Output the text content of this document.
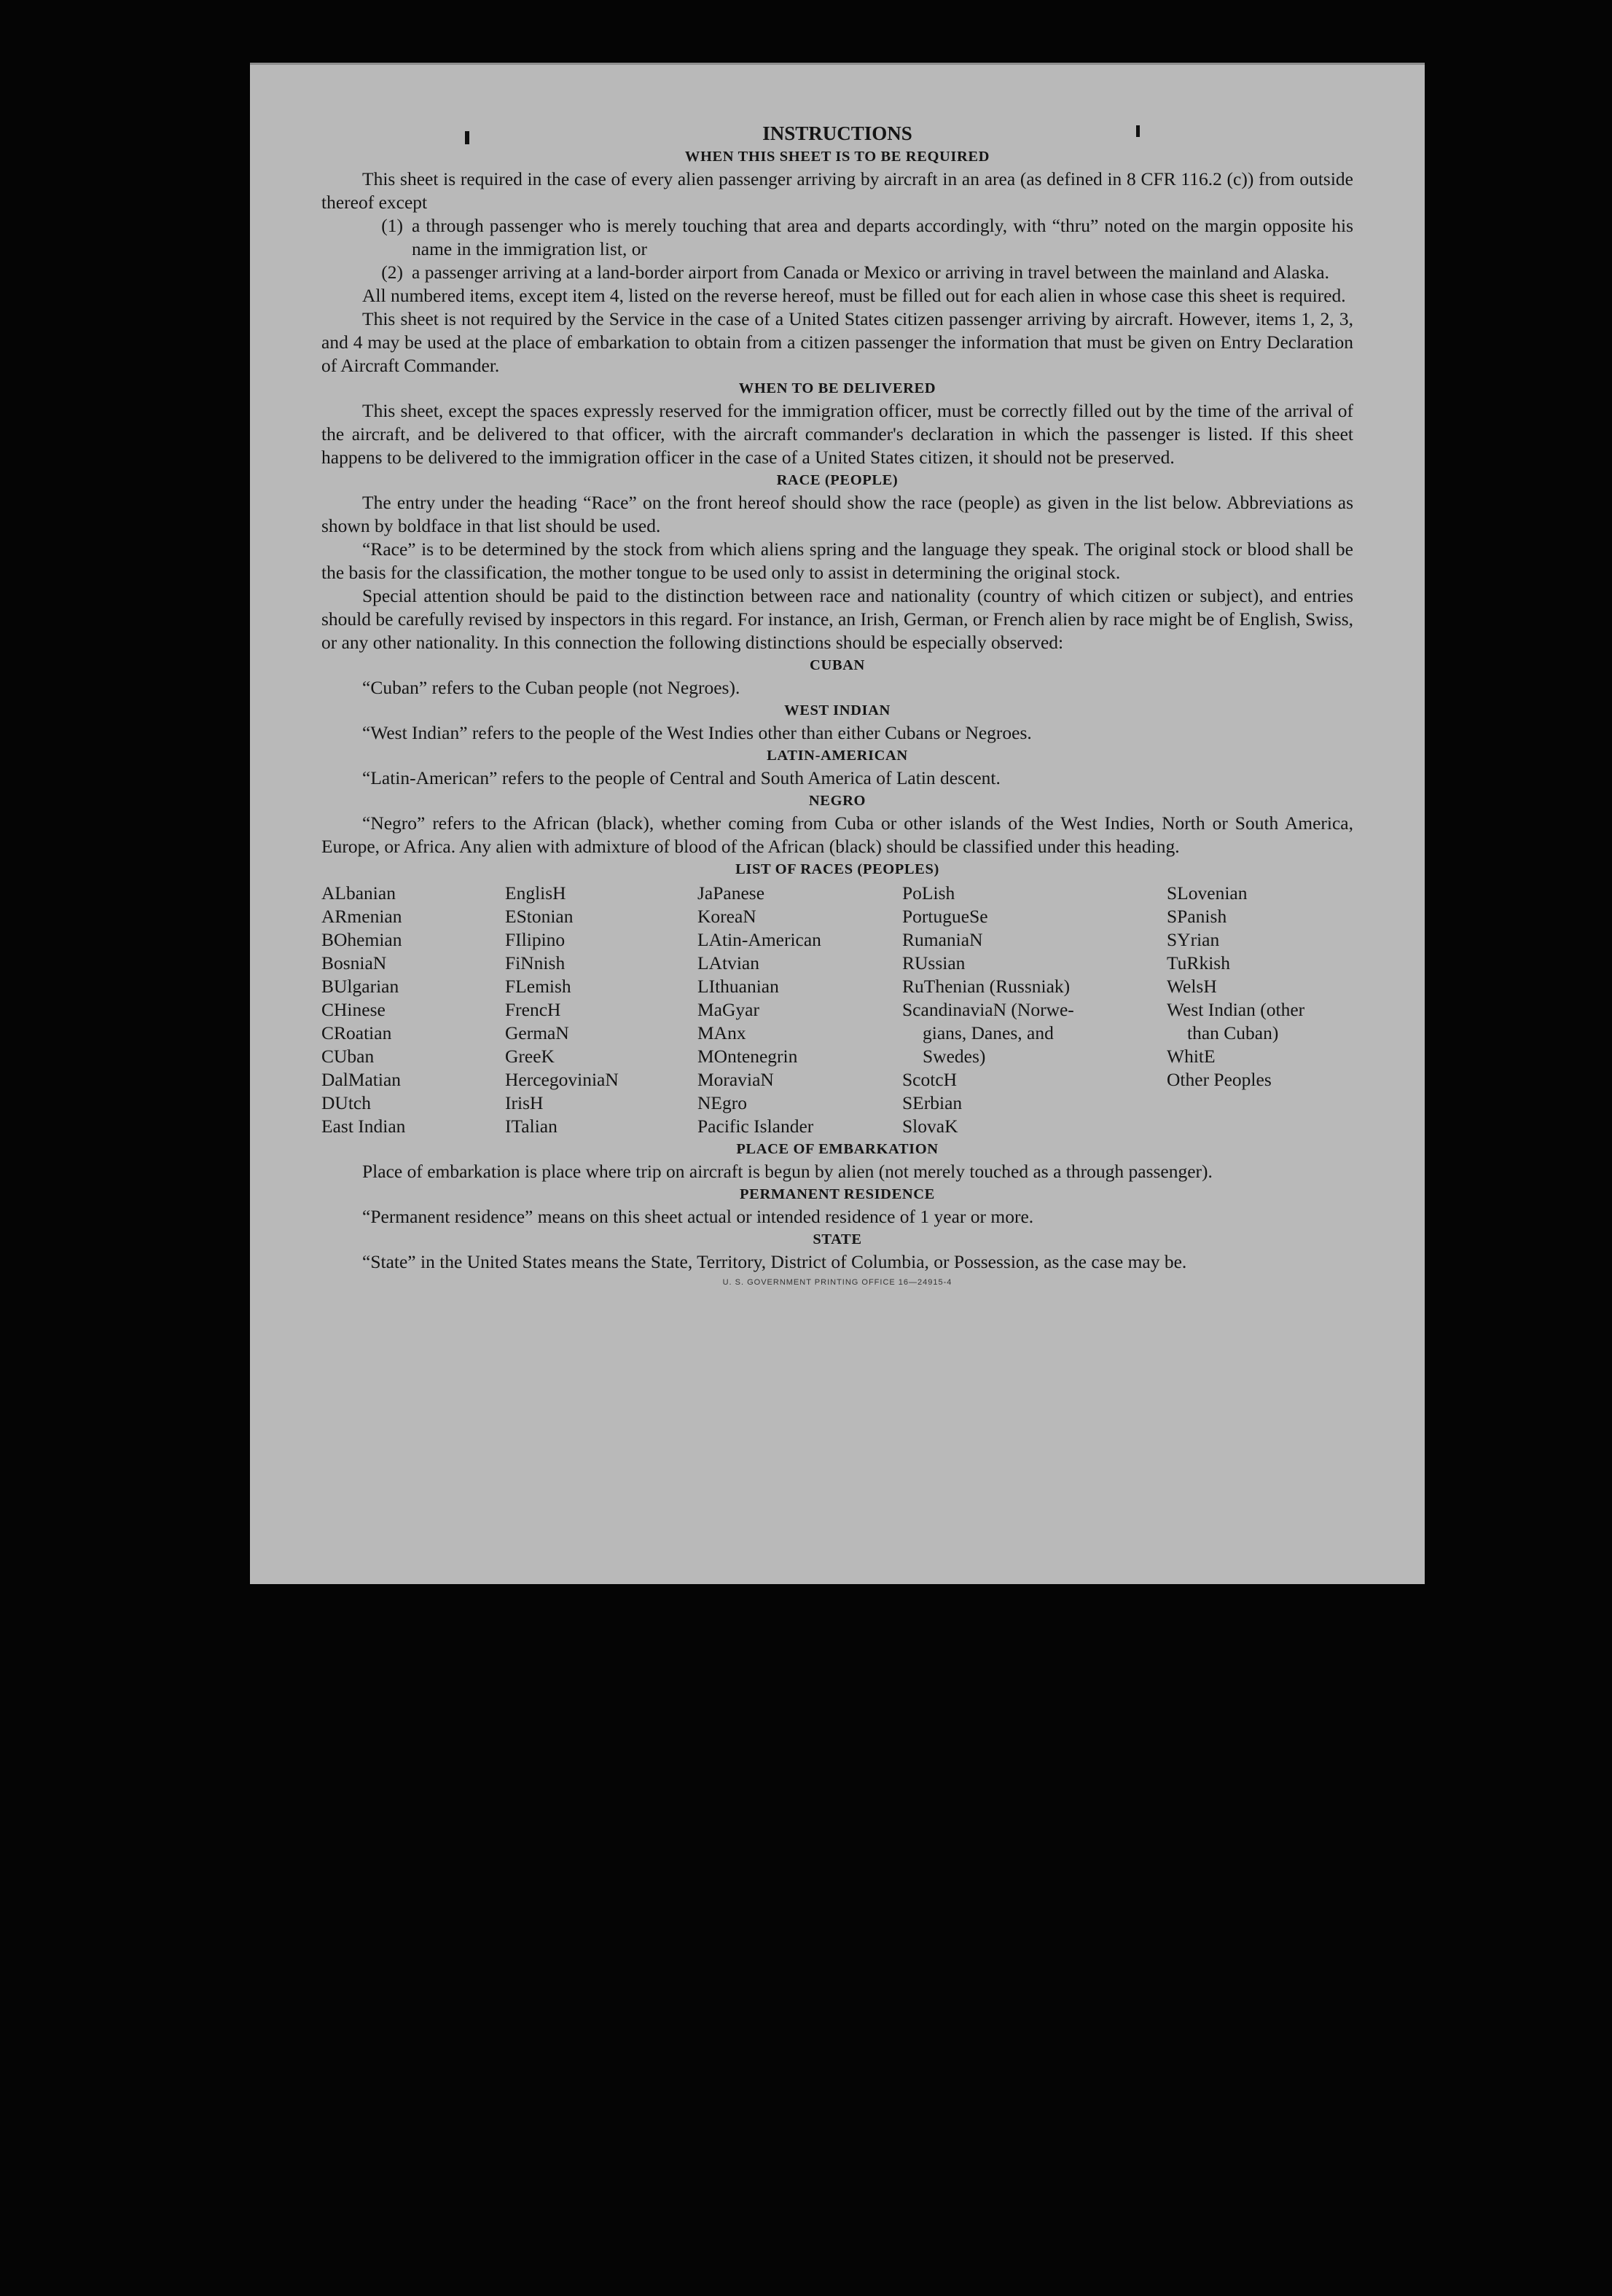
INSTRUCTIONS
WHEN THIS SHEET IS TO BE REQUIRED

This sheet is required in the case of every alien passenger arriving by aircraft in an area (as defined in 8 CFR 116.2 (c)) from outside thereof except

(1) a through passenger who is merely touching that area and departs accordingly, with “thru” noted on the margin opposite his name in the immigration list, or
(2) a passenger arriving at a land-border airport from Canada or Mexico or arriving in travel between the mainland and Alaska.

All numbered items, except item 4, listed on the reverse hereof, must be filled out for each alien in whose case this sheet is required.

This sheet is not required by the Service in the case of a United States citizen passenger arriving by aircraft. However, items 1, 2, 3, and 4 may be used at the place of embarkation to obtain from a citizen passenger the information that must be given on Entry Declaration of Aircraft Commander.

WHEN TO BE DELIVERED

This sheet, except the spaces expressly reserved for the immigration officer, must be correctly filled out by the time of the arrival of the aircraft, and be delivered to that officer, with the aircraft commander's declaration in which the passenger is listed. If this sheet happens to be delivered to the immigration officer in the case of a United States citizen, it should not be preserved.

RACE (PEOPLE)

The entry under the heading “Race” on the front hereof should show the race (people) as given in the list below. Abbreviations as shown by boldface in that list should be used.

“Race” is to be determined by the stock from which aliens spring and the language they speak. The original stock or blood shall be the basis for the classification, the mother tongue to be used only to assist in determining the original stock.

Special attention should be paid to the distinction between race and nationality (country of which citizen or subject), and entries should be carefully revised by inspectors in this regard. For instance, an Irish, German, or French alien by race might be of English, Swiss, or any other nationality. In this connection the following distinctions should be especially observed:

CUBAN

“Cuban” refers to the Cuban people (not Negroes).

WEST INDIAN

“West Indian” refers to the people of the West Indies other than either Cubans or Negroes.

LATIN-AMERICAN

“Latin-American” refers to the people of Central and South America of Latin descent.

NEGRO

“Negro” refers to the African (black), whether coming from Cuba or other islands of the West Indies, North or South America, Europe, or Africa. Any alien with admixture of blood of the African (black) should be classified under this heading.

LIST OF RACES (PEOPLES)
ALbanian
ARmenian
BOhemian
BosniaN
BUlgarian
CHinese
CRoatian
CUban
DalMatian
DUtch
East Indian
EnglisH
EStonian
FIlipino
FiNnish
FLemish
FrencH
GermaN
GreeK
HercegoviniaN
IrisH
ITalian
JaPanese
KoreaN
LAtin-American
LAtvian
LIthuanian
MaGyar
MAnx
MOntenegrin
MoraviaN
NEgro
Pacific Islander
PoLish
PortugueSe
RumaniaN
RUssian
RuThenian (Russniak)
ScandinaviaN (Norwe-
gians, Danes, and
Swedes)
ScotcH
SErbian
SlovaK
SLovenian
SPanish
SYrian
TuRkish
WelsH
West Indian (other
than Cuban)
WhitE
Other Peoples
PLACE OF EMBARKATION

Place of embarkation is place where trip on aircraft is begun by alien (not merely touched as a through passenger).

PERMANENT RESIDENCE

“Permanent residence” means on this sheet actual or intended residence of 1 year or more.

STATE

“State” in the United States means the State, Territory, District of Columbia, or Possession, as the case may be.

U. S. GOVERNMENT PRINTING OFFICE 16—24915-4
